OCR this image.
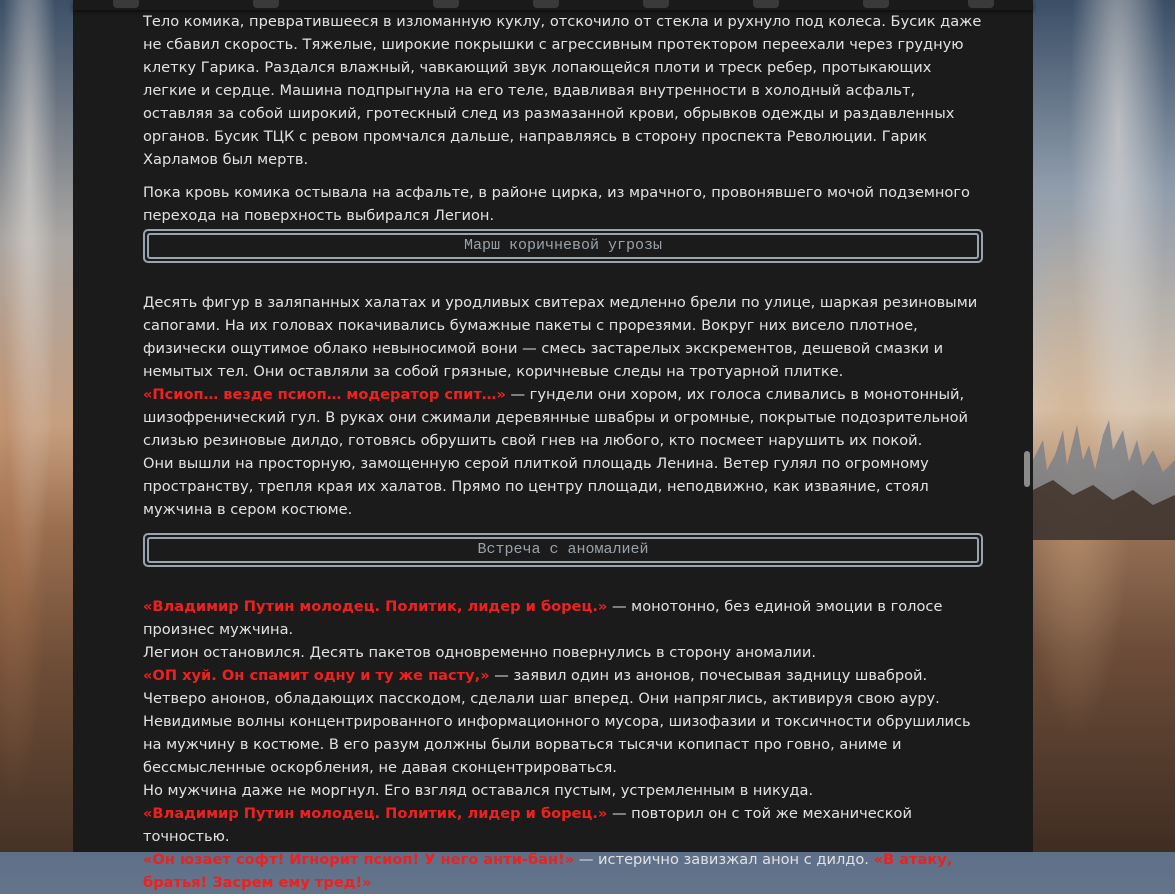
Тело комика, превратившееся в изломанную куклу, отскочило от стекла и рухнуло под колеса. Бусик даже не сбавил скорость. Тяжелые, широкие покрышки с агрессивным протектором переехали через грудную клетку Гарика. Раздался влажный, чавкающий звук лопающейся плоти и треск ребер, протыкающих легкие и сердце. Машина подпрыгнула на его теле, вдавливая внутренности в холодный асфальт, оставляя за собой широкий, гротескный след из размазанной крови, обрывков одежды и раздавленных органов. Бусик ТЦК с ревом промчался дальше, направляясь в сторону проспекта Революции. Гарик Харламов был мертв.

Пока кровь комика остывала на асфальте, в районе цирка, из мрачного, провонявшего мочой подземного перехода на поверхность выбирался Легион.

Марш коричневой угрозы
Десять фигур в заляпанных халатах и уродливых свитерах медленно брели по улице, шаркая резиновыми сапогами. На их головах покачивались бумажные пакеты с прорезями. Вокруг них висело плотное, физически ощутимое облако невыносимой вони — смесь застарелых экскрементов, дешевой смазки и немытых тел. Они оставляли за собой грязные, коричневые следы на тротуарной плитке.
«Псиоп… везде псиоп… модератор спит…» — гундели они хором, их голоса сливались в монотонный, шизофренический гул. В руках они сжимали деревянные швабры и огромные, покрытые подозрительной слизью резиновые дилдо, готовясь обрушить свой гнев на любого, кто посмеет нарушить их покой.
Они вышли на просторную, замощенную серой плиткой площадь Ленина. Ветер гулял по огромному пространству, трепля края их халатов. Прямо по центру площади, неподвижно, как изваяние, стоял мужчина в сером костюме.
Встреча с аномалией
«Владимир Путин молодец. Политик, лидер и борец.» — монотонно, без единой эмоции в голосе произнес мужчина.
Легион остановился. Десять пакетов одновременно повернулись в сторону аномалии.
«ОП хуй. Он спамит одну и ту же пасту,» — заявил один из анонов, почесывая задницу шваброй.
Четверо анонов, обладающих пасскодом, сделали шаг вперед. Они напряглись, активируя свою ауру.
Невидимые волны концентрированного информационного мусора, шизофазии и токсичности обрушились на мужчину в костюме. В его разум должны были ворваться тысячи копипаст про говно, аниме и бессмысленные оскорбления, не давая сконцентрироваться.
Но мужчина даже не моргнул. Его взгляд оставался пустым, устремленным в никуда.
«Владимир Путин молодец. Политик, лидер и борец.» — повторил он с той же механической точностью.
«Он юзает софт! Игнорит псиоп! У него анти-бан!» — истерично завизжал анон с дилдо. «В атаку, братья! Засрем ему тред!»
